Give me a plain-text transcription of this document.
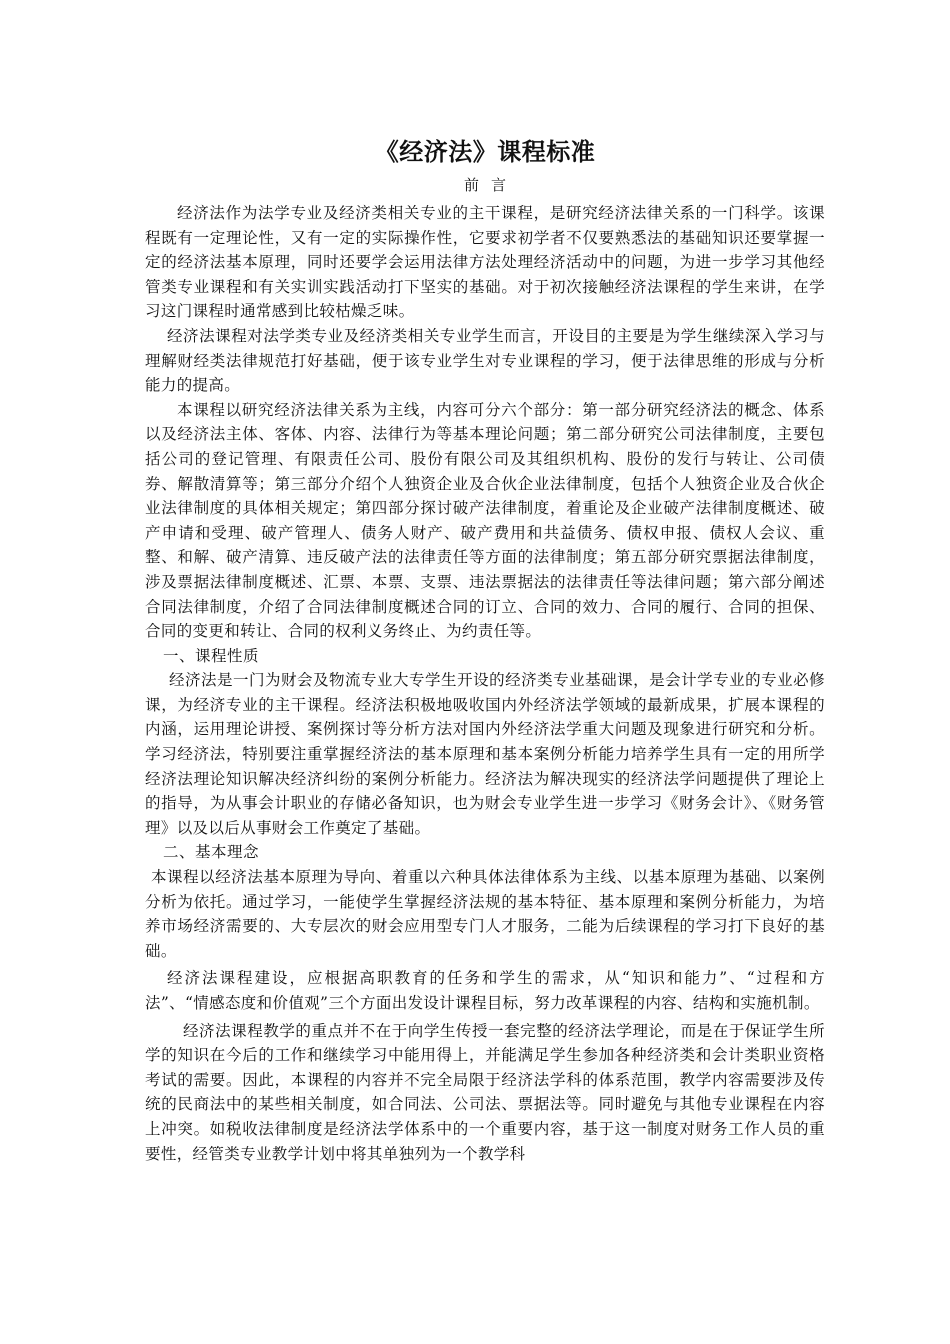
《经济法》课程标准
前言

经济法作为法学专业及经济类相关专业的主干课程，是研究经济法律关系的一门科学。该课程既有一定理论性，又有一定的实际操作性，它要求初学者不仅要熟悉法的基础知识还要掌握一定的经济法基本原理，同时还要学会运用法律方法处理经济活动中的问题，为进一步学习其他经管类专业课程和有关实训实践活动打下坚实的基础。对于初次接触经济法课程的学生来讲，在学习这门课程时通常感到比较枯燥乏味。

经济法课程对法学类专业及经济类相关专业学生而言，开设目的主要是为学生继续深入学习与理解财经类法律规范打好基础，便于该专业学生对专业课程的学习，便于法律思维的形成与分析能力的提高。

本课程以研究经济法律关系为主线，内容可分六个部分：第一部分研究经济法的概念、体系以及经济法主体、客体、内容、法律行为等基本理论问题；第二部分研究公司法律制度，主要包括公司的登记管理、有限责任公司、股份有限公司及其组织机构、股份的发行与转让、公司债券、解散清算等；第三部分介绍个人独资企业及合伙企业法律制度，包括个人独资企业及合伙企业法律制度的具体相关规定；第四部分探讨破产法律制度，着重论及企业破产法律制度概述、破产申请和受理、破产管理人、债务人财产、破产费用和共益债务、债权申报、债权人会议、重整、和解、破产清算、违反破产法的法律责任等方面的法律制度；第五部分研究票据法律制度，涉及票据法律制度概述、汇票、本票、支票、违法票据法的法律责任等法律问题；第六部分阐述合同法律制度，介绍了合同法律制度概述合同的订立、合同的效力、合同的履行、合同的担保、合同的变更和转让、合同的权利义务终止、为约责任等。

一、课程性质

经济法是一门为财会及物流专业大专学生开设的经济类专业基础课，是会计学专业的专业必修课，为经济专业的主干课程。经济法积极地吸收国内外经济法学领域的最新成果，扩展本课程的内涵，运用理论讲授、案例探讨等分析方法对国内外经济法学重大问题及现象进行研究和分析。学习经济法，特别要注重掌握经济法的基本原理和基本案例分析能力培养学生具有一定的用所学经济法理论知识解决经济纠纷的案例分析能力。经济法为解决现实的经济法学问题提供了理论上的指导，为从事会计职业的存储必备知识，也为财会专业学生进一步学习《财务会计》、《财务管理》以及以后从事财会工作奠定了基础。

二、基本理念

本课程以经济法基本原理为导向、着重以六种具体法律体系为主线、以基本原理为基础、以案例分析为依托。通过学习，一能使学生掌握经济法规的基本特征、基本原理和案例分析能力，为培养市场经济需要的、大专层次的财会应用型专门人才服务，二能为后续课程的学习打下良好的基础。

经济法课程建设，应根据高职教育的任务和学生的需求，从“知识和能力”、“过程和方法”、“情感态度和价值观”三个方面出发设计课程目标，努力改革课程的内容、结构和实施机制。

经济法课程教学的重点并不在于向学生传授一套完整的经济法学理论，而是在于保证学生所学的知识在今后的工作和继续学习中能用得上，并能满足学生参加各种经济类和会计类职业资格考试的需要。因此，本课程的内容并不完全局限于经济法学科的体系范围，教学内容需要涉及传统的民商法中的某些相关制度，如合同法、公司法、票据法等。同时避免与其他专业课程在内容上冲突。如税收法律制度是经济法学体系中的一个重要内容，基于这一制度对财务工作人员的重要性，经管类专业教学计划中将其单独列为一个教学科
